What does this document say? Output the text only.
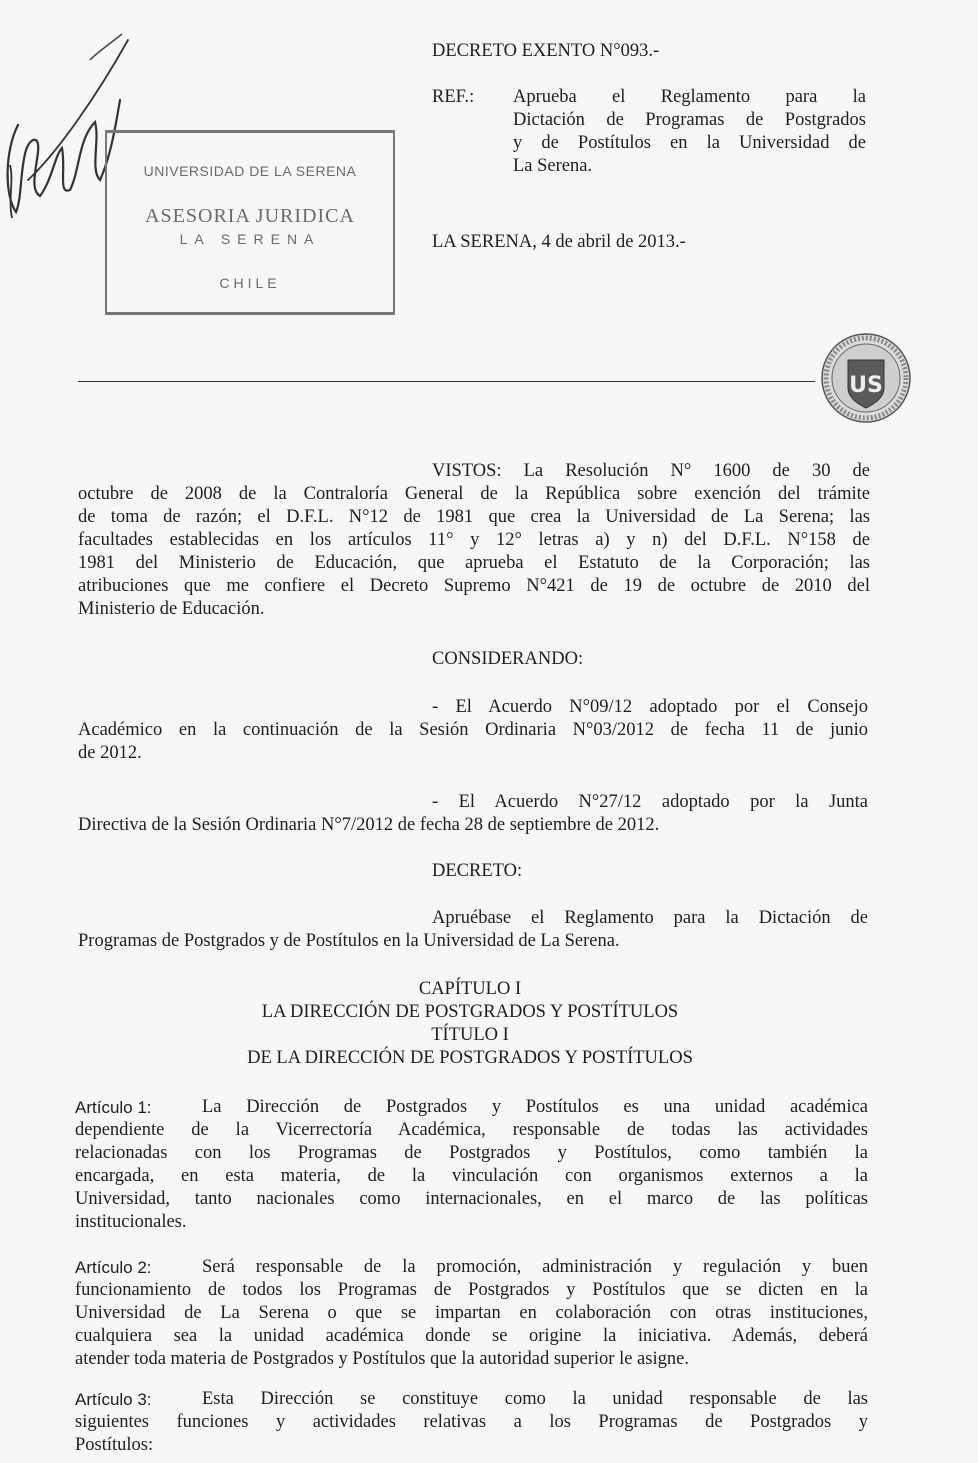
UNIVERSIDAD DE LA SERENA
ASESORIA JURIDICA
LA SERENA
CHILE
DECRETO EXENTO N°093.-
REF.: Aprueba el Reglamento para la
Dictación de Programas de Postgrados
y de Postítulos en la Universidad de
La Serena.
LA SERENA, 4 de abril de 2013.-
US
VISTOS: La Resolución N° 1600 de 30 de
octubre de 2008 de la Contraloría General de la República sobre exención del trámite
de toma de razón; el D.F.L. N°12 de 1981 que crea la Universidad de La Serena; las
facultades establecidas en los artículos 11° y 12° letras a) y n) del D.F.L. N°158 de
1981 del Ministerio de Educación, que aprueba el Estatuto de la Corporación; las
atribuciones que me confiere el Decreto Supremo N°421 de 19 de octubre de 2010 del
Ministerio de Educación.
CONSIDERANDO:
- El Acuerdo N°09/12 adoptado por el Consejo
Académico en la continuación de la Sesión Ordinaria N°03/2012 de fecha 11 de junio
de 2012.
- El Acuerdo N°27/12 adoptado por la Junta
Directiva de la Sesión Ordinaria N°7/2012 de fecha 28 de septiembre de 2012.
DECRETO:
Apruébase el Reglamento para la Dictación de
Programas de Postgrados y de Postítulos en la Universidad de La Serena.
CAPÍTULO I
LA DIRECCIÓN DE POSTGRADOS Y POSTÍTULOS
TÍTULO I
DE LA DIRECCIÓN DE POSTGRADOS Y POSTÍTULOS
Artículo 1:	La Dirección de Postgrados y Postítulos es una unidad académica
dependiente de la Vicerrectoría Académica, responsable de todas las actividades
relacionadas con los Programas de Postgrados y Postítulos, como también la
encargada, en esta materia, de la vinculación con organismos externos a la
Universidad, tanto nacionales como internacionales, en el marco de las políticas
institucionales.
Artículo 2:	Será responsable de la promoción, administración y regulación y buen
funcionamiento de todos los Programas de Postgrados y Postítulos que se dicten en la
Universidad de La Serena o que se impartan en colaboración con otras instituciones,
cualquiera sea la unidad académica donde se origine la iniciativa. Además, deberá
atender toda materia de Postgrados y Postítulos que la autoridad superior le asigne.
Artículo 3:	Esta Dirección se constituye como la unidad responsable de las
siguientes funciones y actividades relativas a los Programas de Postgrados y
Postítulos:
